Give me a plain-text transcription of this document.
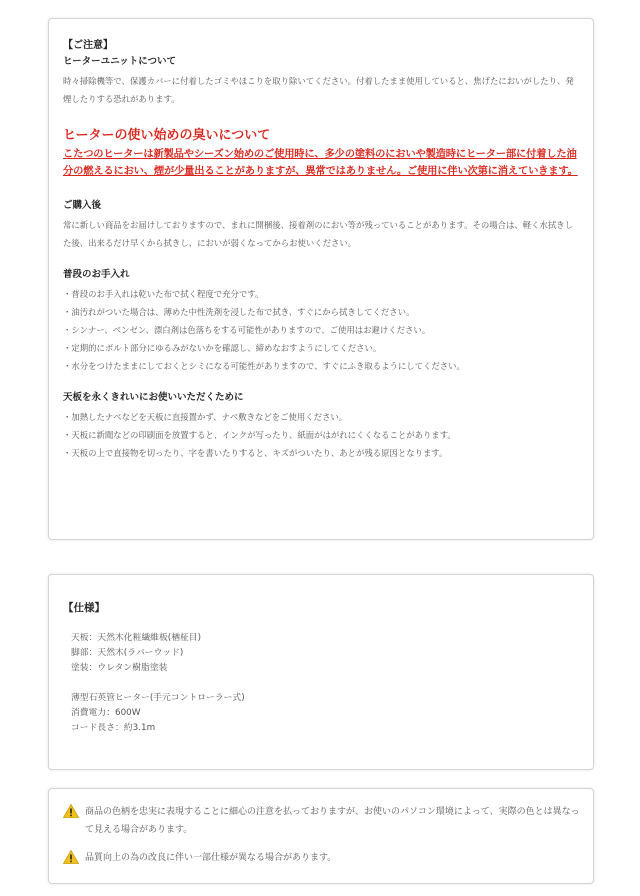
【ご注意】
ヒーターユニットについて

時々掃除機等で、保護カバーに付着したゴミやほこりを取り除いてください。付着したまま使用していると、焦げたにおいがしたり、発煙したりする恐れがあります。

ヒーターの使い始めの臭いについて

こたつのヒーターは新製品やシーズン始めのご使用時に、多少の塗料のにおいや製造時にヒーター部に付着した油分の燃えるにおい、煙が少量出ることがありますが、異常ではありません。ご使用に伴い次第に消えていきます。

ご購入後

常に新しい商品をお届けしておりますので、まれに開梱後、接着剤のにおい等が残っていることがあります。その場合は、軽く水拭きした後、出来るだけ早くから拭きし、においが弱くなってからお使いください。

普段のお手入れ
・普段のお手入れは乾いた布で拭く程度で充分です。
・油汚れがついた場合は、薄めた中性洗剤を浸した布で拭き、すぐにから拭きしてください。
・シンナー、ベンゼン、漂白剤は色落ちをする可能性がありますので、ご使用はお避けください。
・定期的にボルト部分にゆるみがないかを確認し、締めなおすようにしてください。
・水分をつけたままにしておくとシミになる可能性がありますので、すぐにふき取るようにしてください。
天板を永くきれいにお使いいただくために
・加熱したナベなどを天板に直接置かず、ナベ敷きなどをご使用ください。
・天板に新聞などの印刷面を放置すると、インクが写ったり、紙面がはがれにくくなることがあります。
・天板の上で直接物を切ったり、字を書いたりすると、キズがついたり、あとが残る原因となります。
【仕様】
天板：天然木化粧繊維板(楢柾目)
脚部：天然木(ラバーウッド)
塗装：ウレタン樹脂塗装
薄型石英管ヒーター(手元コントローラー式)
消費電力：600W
コード長さ：約3.1m
商品の色柄を忠実に表現することに細心の注意を払っておりますが、お使いのパソコン環境によって、実際の色とは異なって見える場合があります。
品質向上の為の改良に伴い一部仕様が異なる場合があります。
